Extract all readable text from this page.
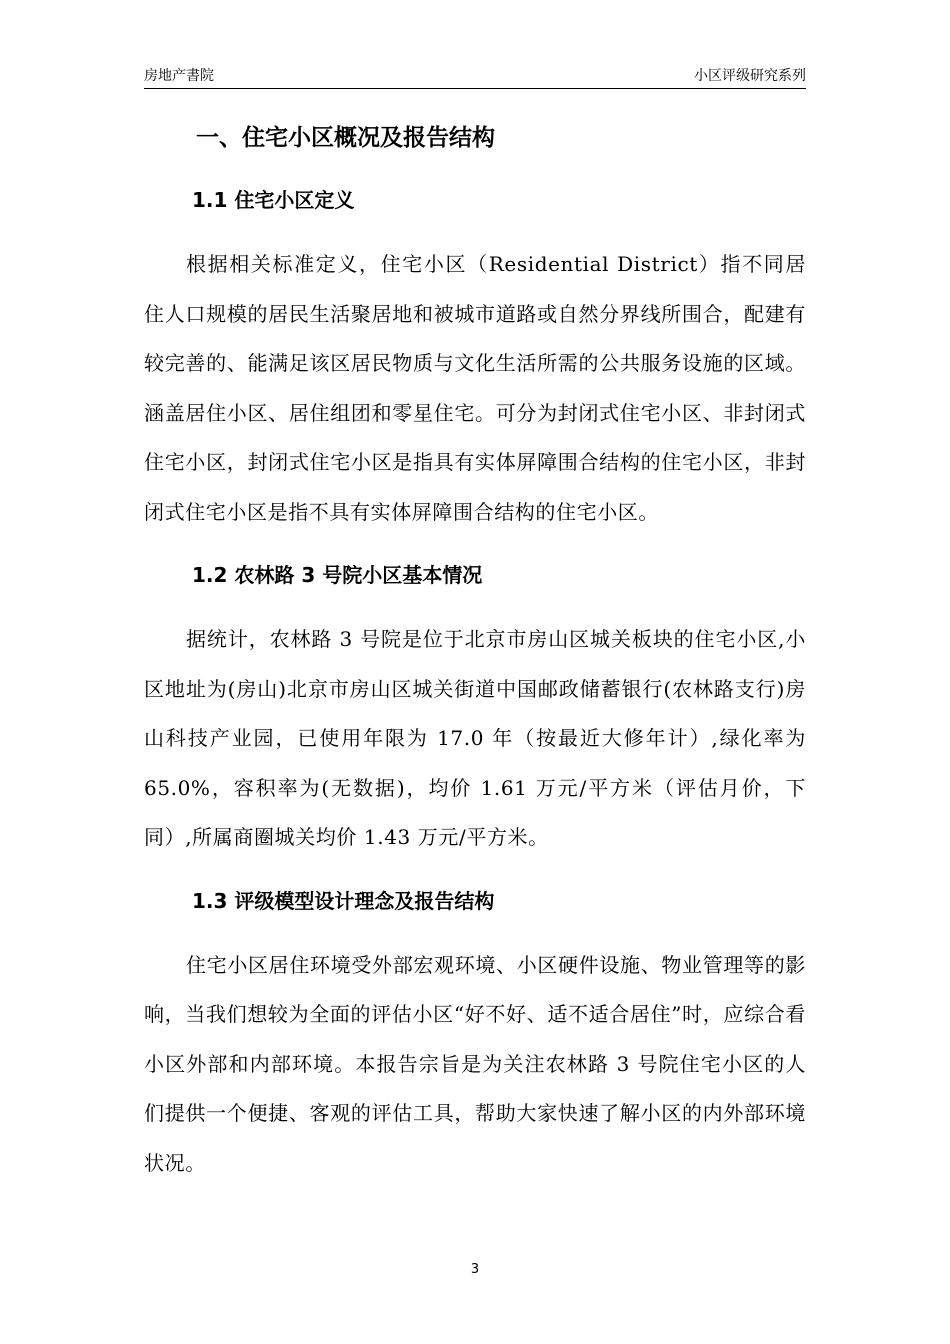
房地产書院	小区评级研究系列
一、住宅小区概况及报告结构
1.1 住宅小区定义

根据相关标准定义，住宅小区（Residential District）指不同居住人口规模的居民生活聚居地和被城市道路或自然分界线所围合，配建有较完善的、能满足该区居民物质与文化生活所需的公共服务设施的区域。涵盖居住小区、居住组团和零星住宅。可分为封闭式住宅小区、非封闭式住宅小区，封闭式住宅小区是指具有实体屏障围合结构的住宅小区，非封闭式住宅小区是指不具有实体屏障围合结构的住宅小区。

1.2 农林路 3 号院小区基本情况

据统计，农林路 3 号院是位于北京市房山区城关板块的住宅小区,小区地址为(房山)北京市房山区城关街道中国邮政储蓄银行(农林路支行)房山科技产业园，已使用年限为 17.0 年（按最近大修年计）,绿化率为 65.0%，容积率为(无数据)，均价 1.61 万元/平方米（评估月价，下同）,所属商圈城关均价 1.43 万元/平方米。

1.3 评级模型设计理念及报告结构

住宅小区居住环境受外部宏观环境、小区硬件设施、物业管理等的影响，当我们想较为全面的评估小区“好不好、适不适合居住”时，应综合看小区外部和内部环境。本报告宗旨是为关注农林路 3 号院住宅小区的人们提供一个便捷、客观的评估工具，帮助大家快速了解小区的内外部环境状况。

3
